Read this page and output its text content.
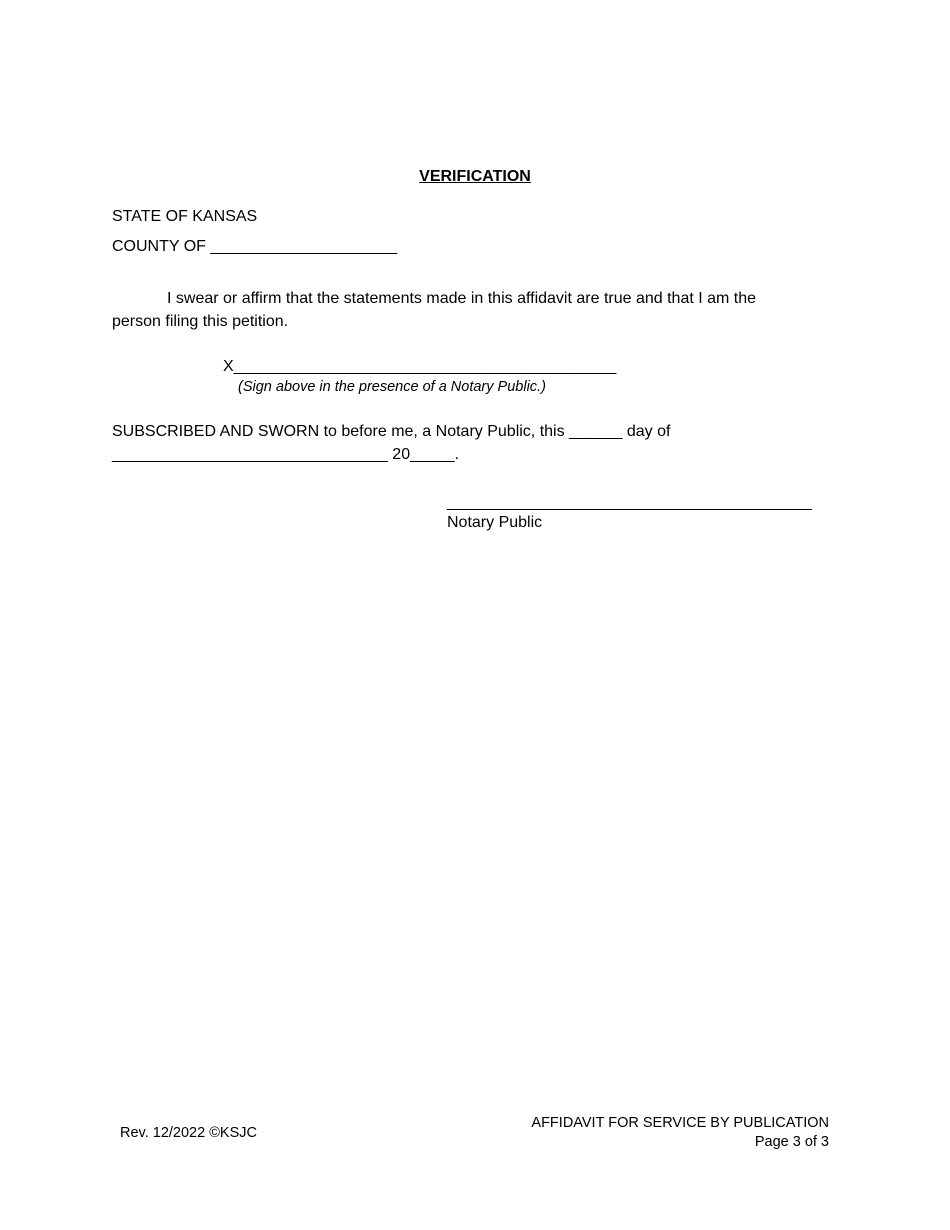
VERIFICATION
STATE OF KANSAS
COUNTY OF _____________________
I swear or affirm that the statements made in this affidavit are true and that I am the
person filing this petition.
X___________________________________________
(Sign above in the presence of a Notary Public.)
SUBSCRIBED AND SWORN to before me, a Notary Public, this ______ day of
_______________________________ 20_____.
_________________________________________
Notary Public
Rev. 12/2022 ©KSJC
AFFIDAVIT FOR SERVICE BY PUBLICATION
Page 3 of 3
